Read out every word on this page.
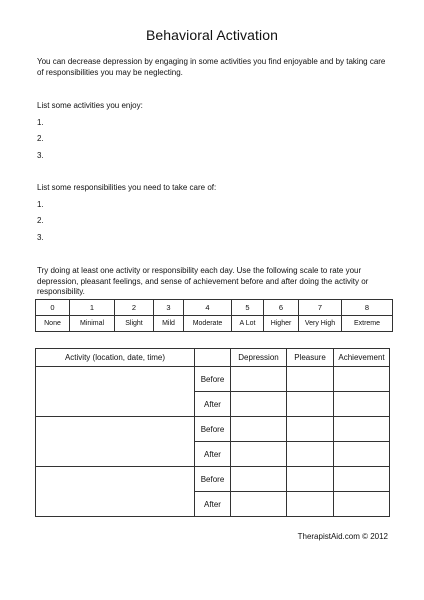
Behavioral Activation
You can decrease depression by engaging in some activities you find enjoyable and by taking care of responsibilities you may be neglecting.
List some activities you enjoy:
1.
2.
3.
List some responsibilities you need to take care of:
1.
2.
3.
Try doing at least one activity or responsibility each day. Use the following scale to rate your depression, pleasant feelings, and sense of achievement before and after doing the activity or responsibility.
0	1	2	3	4	5	6	7	8
None	Minimal	Slight	Mild	Moderate	A Lot	Higher	Very High	Extreme
Activity (location, date, time)		Depression	Pleasure	Achievement
	Before			
	After			
	Before			
	After			
	Before			
	After			
TherapistAid.com © 2012
